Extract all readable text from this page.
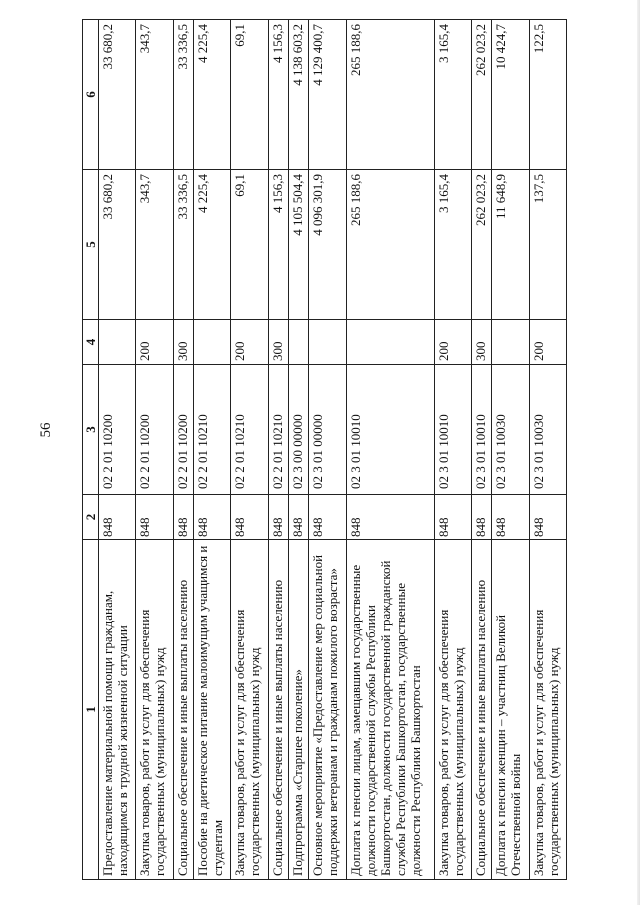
56
1	2	3	4	5	6
Предоставление материальной помощи гражданам, находящимся в трудной жизненной ситуации	848	02 2 01 10200		33 680,2	33 680,2
Закупка товаров, работ и услуг для обеспечения государственных (муниципальных) нужд	848	02 2 01 10200	200	343,7	343,7
Социальное обеспечение и иные выплаты населению	848	02 2 01 10200	300	33 336,5	33 336,5
Пособие на диетическое питание малоимущим учащимся и студентам	848	02 2 01 10210		4 225,4	4 225,4
Закупка товаров, работ и услуг для обеспечения государственных (муниципальных) нужд	848	02 2 01 10210	200	69,1	69,1
Социальное обеспечение и иные выплаты населению	848	02 2 01 10210	300	4 156,3	4 156,3
Подпрограмма «Старшее поколение»	848	02 3 00 00000		4 105 504,4	4 138 603,2
Основное мероприятие «Предоставление мер социальной поддержки ветеранам и гражданам пожилого возраста»	848	02 3 01 00000		4 096 301,9	4 129 400,7
Доплата к пенсии лицам, замещавшим государственные должности государственной службы Республики Башкортостан, должности государственной гражданской службы Республики Башкортостан, государственные должности Республики Башкортостан	848	02 3 01 10010		265 188,6	265 188,6
Закупка товаров, работ и услуг для обеспечения государственных (муниципальных) нужд	848	02 3 01 10010	200	3 165,4	3 165,4
Социальное обеспечение и иные выплаты населению	848	02 3 01 10010	300	262 023,2	262 023,2
Доплата к пенсии женщин – участниц Великой Отечественной войны	848	02 3 01 10030		11 648,9	10 424,7
Закупка товаров, работ и услуг для обеспечения государственных (муниципальных) нужд	848	02 3 01 10030	200	137,5	122,5
